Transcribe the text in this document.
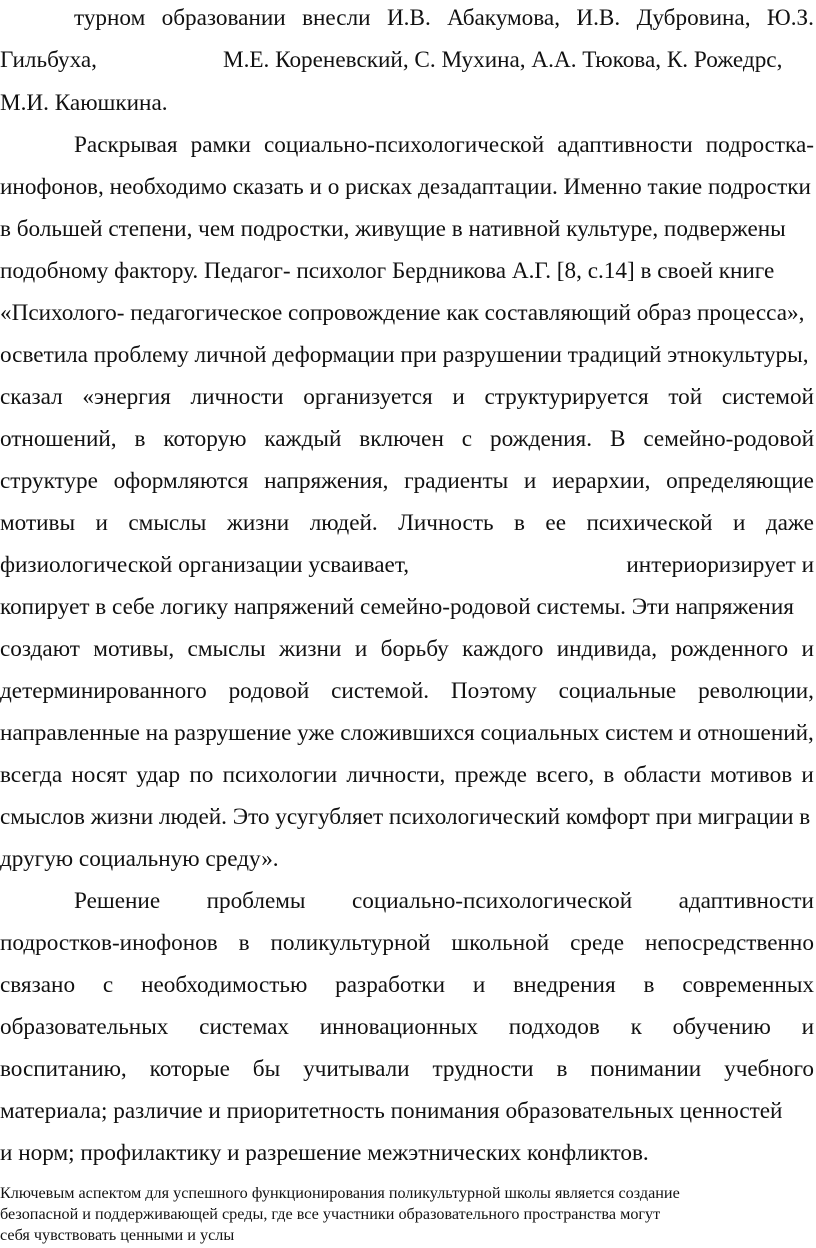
турном образовании внесли И.В. Абакумова, И.В. Дубровина, Ю.З.
Гильбуха,	М.Е. Кореневский, С. Мухина, А.А. Тюкова, К. Рожедрс,
М.И. Каюшкина.
Раскрывая рамки социально-психологической адаптивности подростка-
инофонов, необходимо сказать и о рисках дезадаптации. Именно такие подростки
в большей степени, чем подростки, живущие в нативной культуре, подвержены
подобному фактору. Педагог- психолог Бердникова А.Г. [8, с.14] в своей книге
«Психолого- педагогическое сопровождение как составляющий образ процесса»,
осветила проблему личной деформации при разрушении традиций этнокультуры,
сказал «энергия личности организуется и структурируется той системой
отношений, в которую каждый включен с рождения. В семейно-родовой
структуре оформляются напряжения, градиенты и иерархии, определяющие
мотивы и смыслы жизни людей. Личность в ее психической и даже
физиологической организации усваивает,	интериоризирует и
копирует в себе логику напряжений семейно-родовой системы. Эти напряжения
создают мотивы, смыслы жизни и борьбу каждого индивида, рожденного и
детерминированного родовой системой. Поэтому социальные революции,
направленные на разрушение уже сложившихся социальных систем и отношений,
всегда носят удар по психологии личности, прежде всего, в области мотивов и
смыслов жизни людей. Это усугубляет психологический комфорт при миграции в
другую социальную среду».
Решение проблемы социально-психологической адаптивности
подростков-инофонов в поликультурной школьной среде непосредственно
связано с необходимостью разработки и внедрения в современных
образовательных системах инновационных подходов к обучению и
воспитанию, которые бы учитывали трудности в понимании учебного
материала; различие и приоритетность понимания образовательных ценностей
и норм; профилактику и разрешение межэтнических конфликтов.
Ключевым аспектом для успешного функционирования поликультурной школы является создание
безопасной и поддерживающей среды, где все участники образовательного пространства могут
себя чувствовать ценными и услы
